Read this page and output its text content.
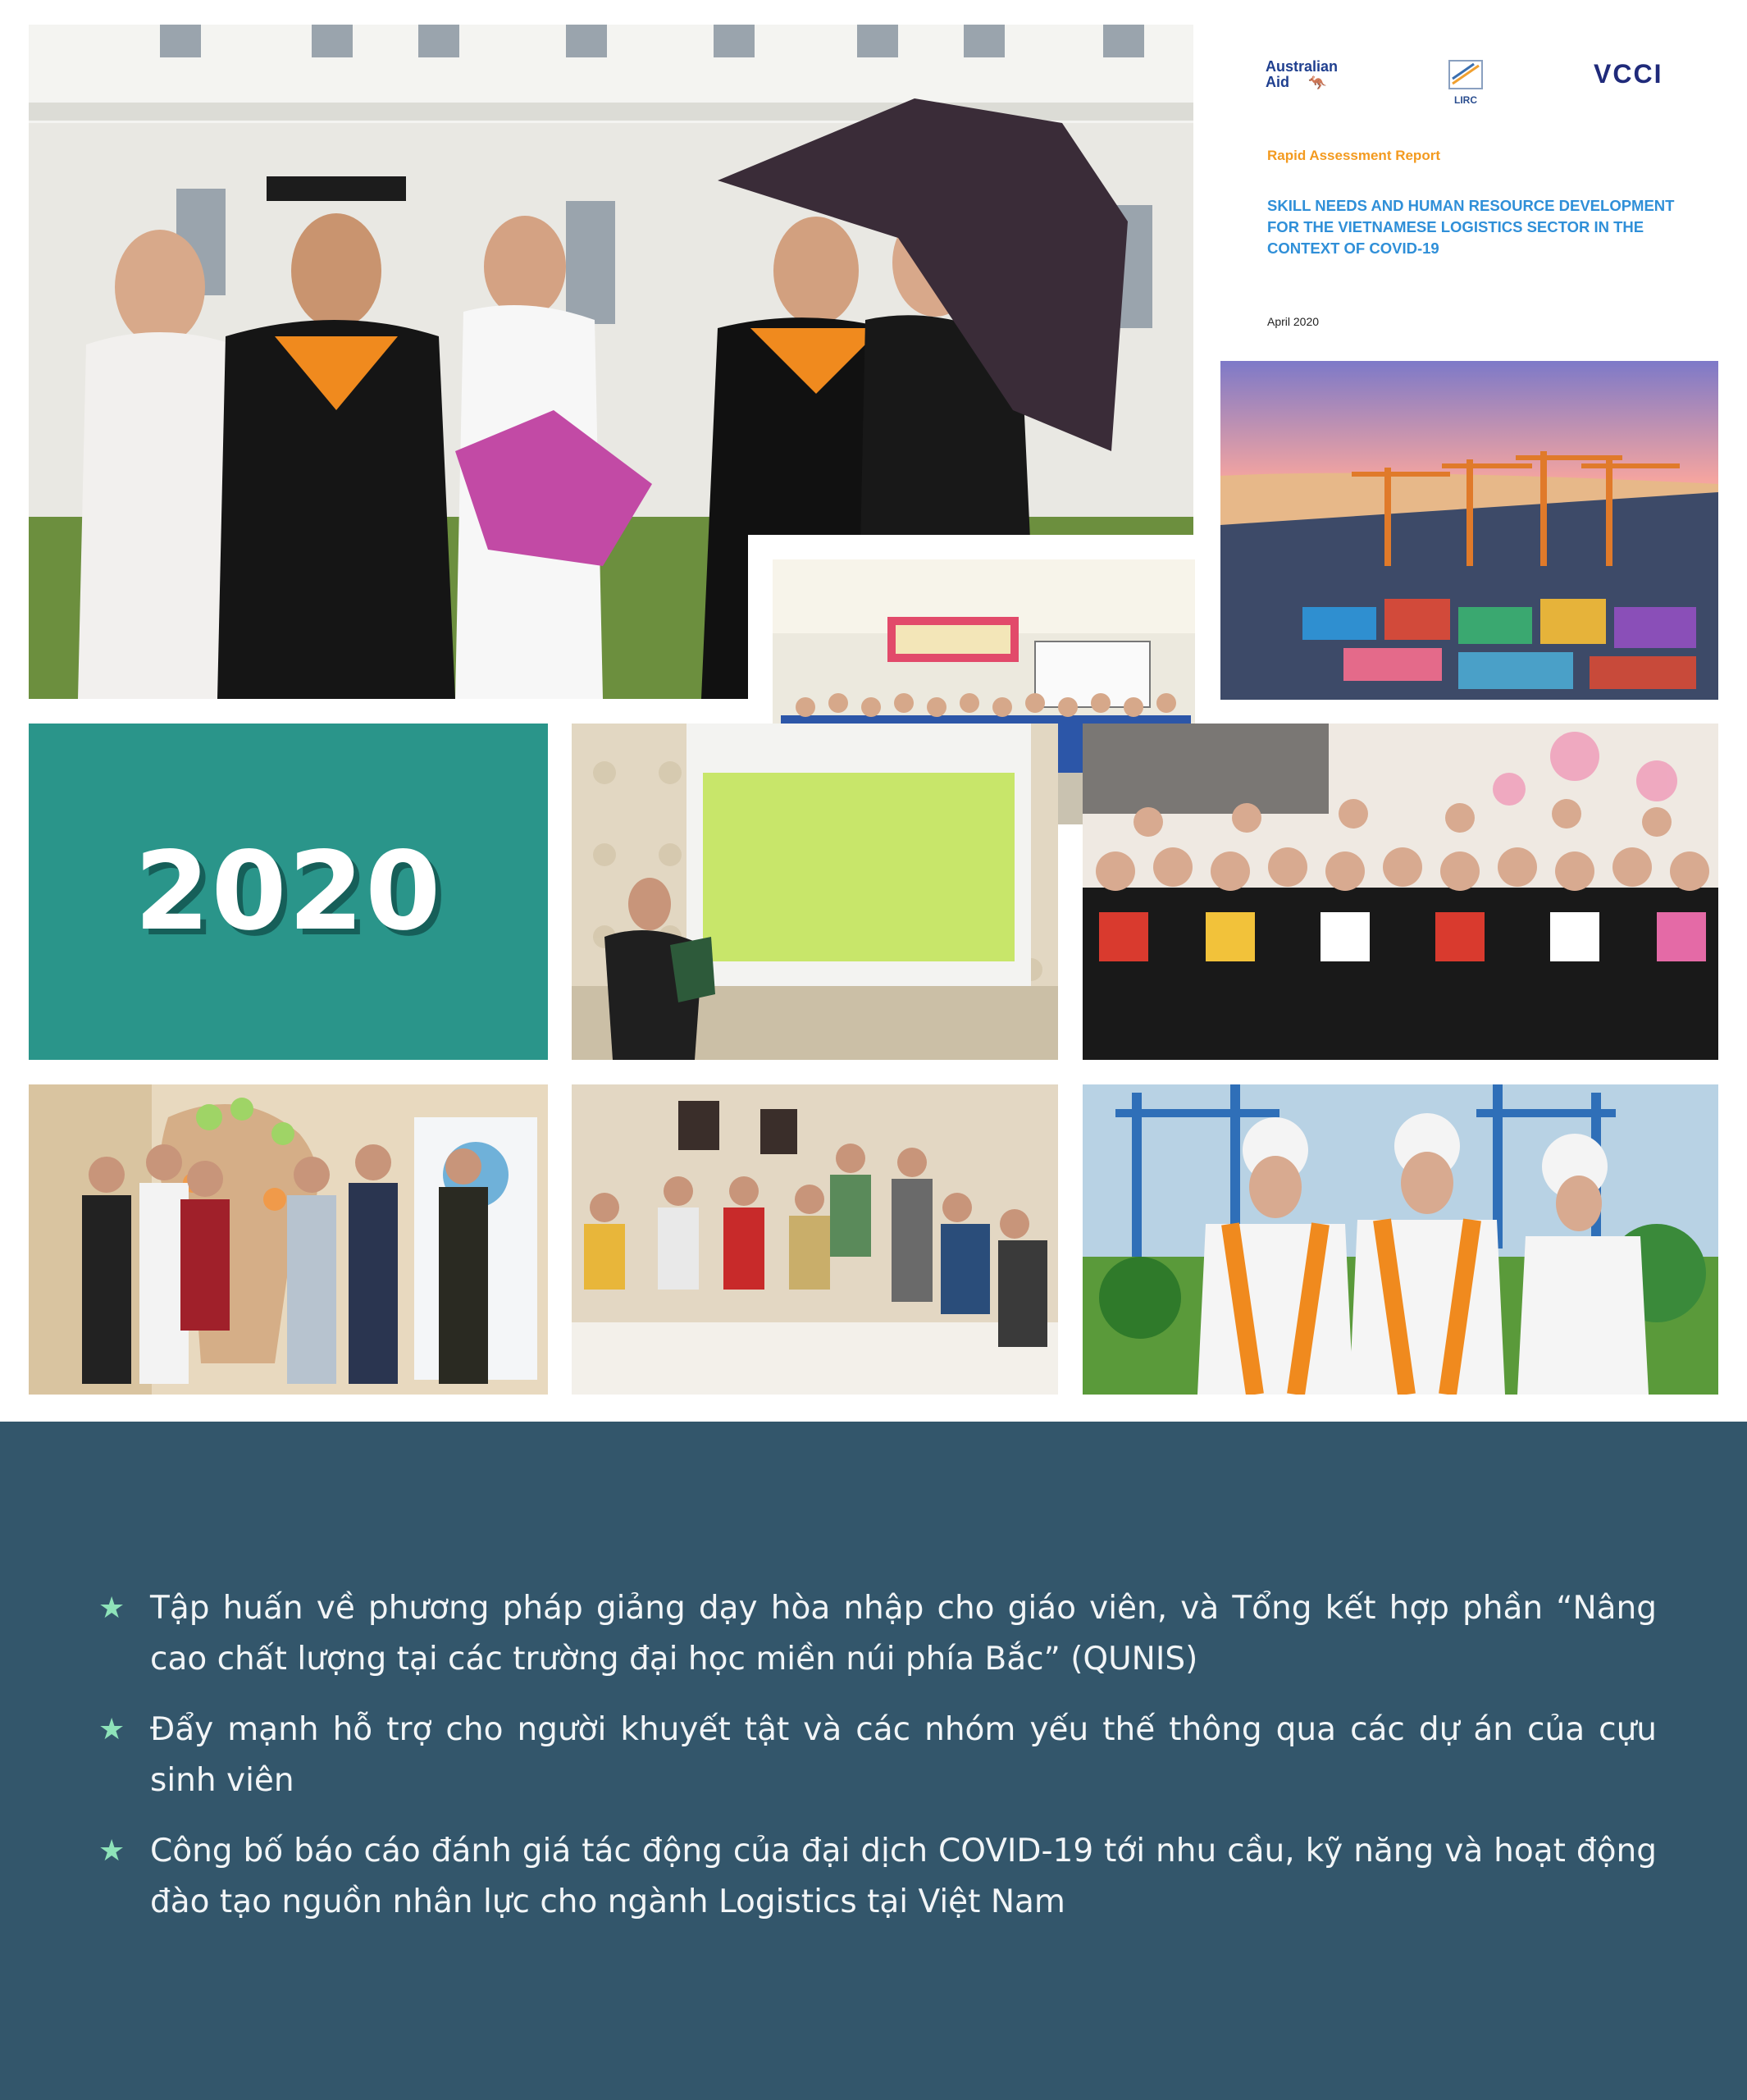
Australian
Aid 🦘
LIRC
VCCI
Rapid Assessment Report
SKILL NEEDS AND HUMAN RESOURCE DEVELOPMENT FOR THE VIETNAMESE LOGISTICS SECTOR IN THE CONTEXT OF COVID-19
April 2020
2020
★ Tập huấn về phương pháp giảng dạy hòa nhập cho giáo viên, và Tổng kết hợp phần “Nâng cao chất lượng tại các trường đại học miền núi phía Bắc” (QUNIS)
★ Đẩy mạnh hỗ trợ cho người khuyết tật và các nhóm yếu thế thông qua các dự án của cựu sinh viên
★ Công bố báo cáo đánh giá tác động của đại dịch COVID-19 tới nhu cầu, kỹ năng và hoạt động đào tạo nguồn nhân lực cho ngành Logistics tại Việt Nam
